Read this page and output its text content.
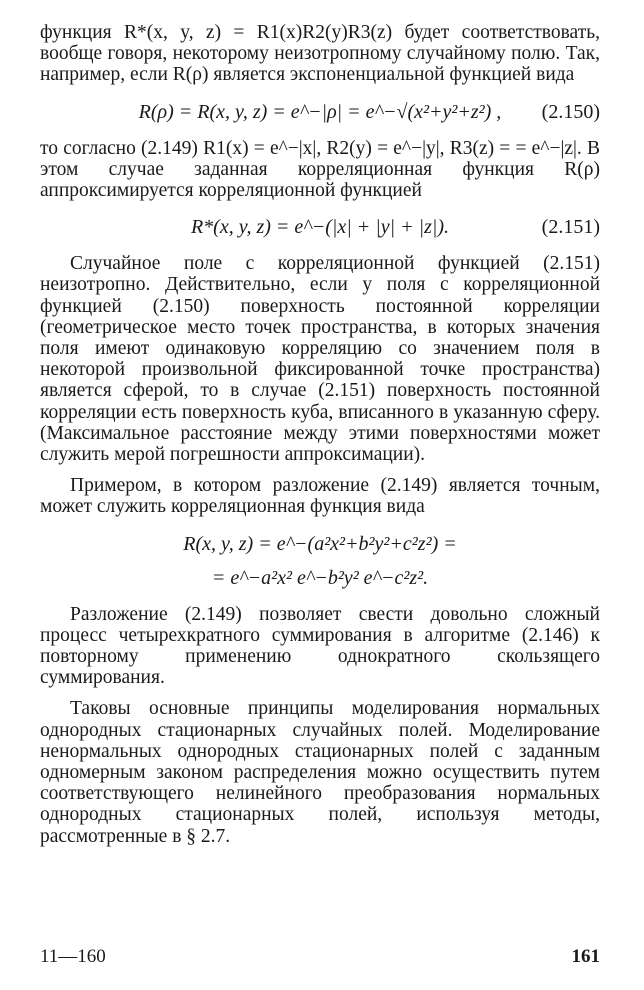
функция R*(x, y, z) = R1(x)R2(y)R3(z) будет соответствовать, вообще говоря, некоторому неизотропному случайному полю. Так, например, если R(ρ) является экспоненциальной функцией вида

R(ρ) = R(x, y, z) = e^−|ρ| = e^−√(x²+y²+z²) , (2.150)

то согласно (2.149) R1(x) = e^−|x|, R2(y) = e^−|y|, R3(z) = = e^−|z|. В этом случае заданная корреляционная функция R(ρ) аппроксимируется корреляционной функцией

R*(x, y, z) = e^−(|x| + |y| + |z|).	(2.151)

Случайное поле с корреляционной функцией (2.151) неизотропно. Действительно, если у поля с корреляционной функцией (2.150) поверхность постоянной корреляции (геометрическое место точек пространства, в которых значения поля имеют одинаковую корреляцию со значением поля в некоторой произвольной фиксированной точке пространства) является сферой, то в случае (2.151) поверхность постоянной корреляции есть поверхность куба, вписанного в указанную сферу. (Максимальное расстояние между этими поверхностями может служить мерой погрешности аппроксимации).

Примером, в котором разложение (2.149) является точным, может служить корреляционная функция вида

R(x, y, z) = e^−(a²x²+b²y²+c²z²) =
= e^−a²x² e^−b²y² e^−c²z².

Разложение (2.149) позволяет свести довольно сложный процесс четырехкратного суммирования в алгоритме (2.146) к повторному применению однократного скользящего суммирования.

Таковы основные принципы моделирования нормальных однородных стационарных случайных полей. Моделирование ненормальных однородных стационарных полей с заданным одномерным законом распределения можно осуществить путем соответствующего нелинейного преобразования нормальных однородных стационарных полей, используя методы, рассмотренные в § 2.7.

11—160	161
